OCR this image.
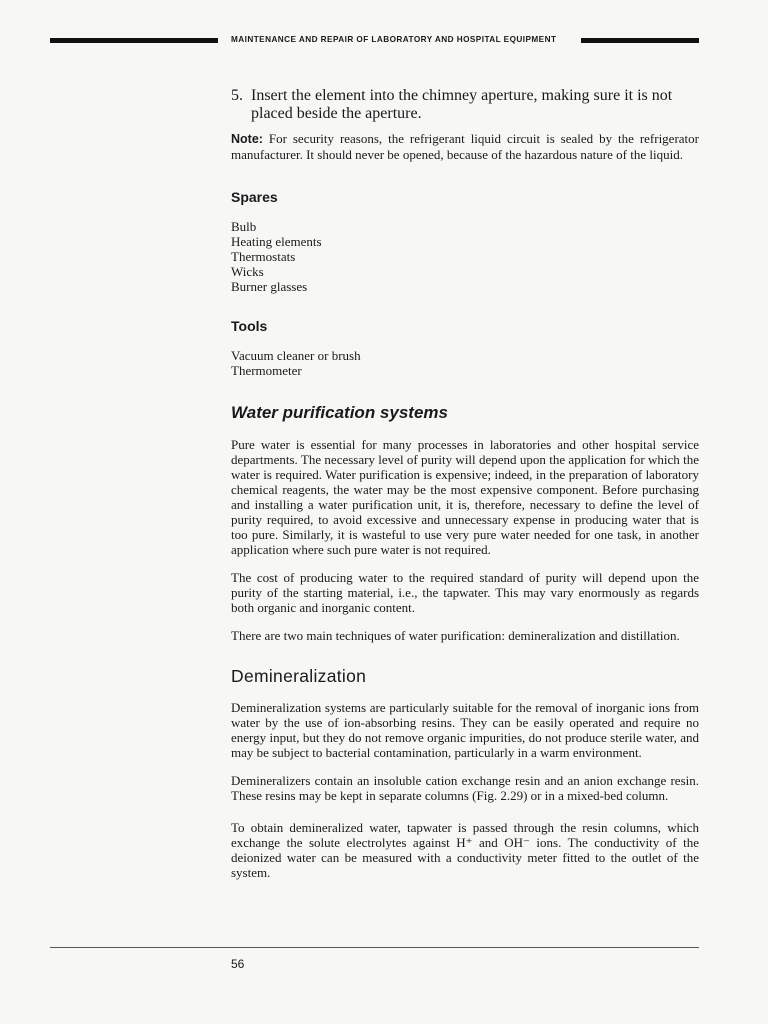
MAINTENANCE AND REPAIR OF LABORATORY AND HOSPITAL EQUIPMENT
5. Insert the element into the chimney aperture, making sure it is not placed beside the aperture.

Note: For security reasons, the refrigerant liquid circuit is sealed by the refrigerator manufacturer. It should never be opened, because of the hazardous nature of the liquid.

Spares
Bulb
Heating elements
Thermostats
Wicks
Burner glasses
Tools
Vacuum cleaner or brush
Thermometer
Water purification systems

Pure water is essential for many processes in laboratories and other hospital service departments. The necessary level of purity will depend upon the application for which the water is required. Water purification is expensive; indeed, in the preparation of laboratory chemical reagents, the water may be the most expensive component. Before purchasing and installing a water purification unit, it is, therefore, necessary to define the level of purity required, to avoid excessive and unnecessary expense in producing water that is too pure. Similarly, it is wasteful to use very pure water needed for one task, in another application where such pure water is not required.

The cost of producing water to the required standard of purity will depend upon the purity of the starting material, i.e., the tapwater. This may vary enormously as regards both organic and inorganic content.

There are two main techniques of water purification: demineralization and distillation.

Demineralization

Demineralization systems are particularly suitable for the removal of inorganic ions from water by the use of ion-absorbing resins. They can be easily operated and require no energy input, but they do not remove organic impurities, do not produce sterile water, and may be subject to bacterial contamination, particularly in a warm environment.

Demineralizers contain an insoluble cation exchange resin and an anion exchange resin. These resins may be kept in separate columns (Fig. 2.29) or in a mixed-bed column.

To obtain demineralized water, tapwater is passed through the resin columns, which exchange the solute electrolytes against H⁺ and OH⁻ ions. The conductivity of the deionized water can be measured with a conductivity meter fitted to the outlet of the system.

56
